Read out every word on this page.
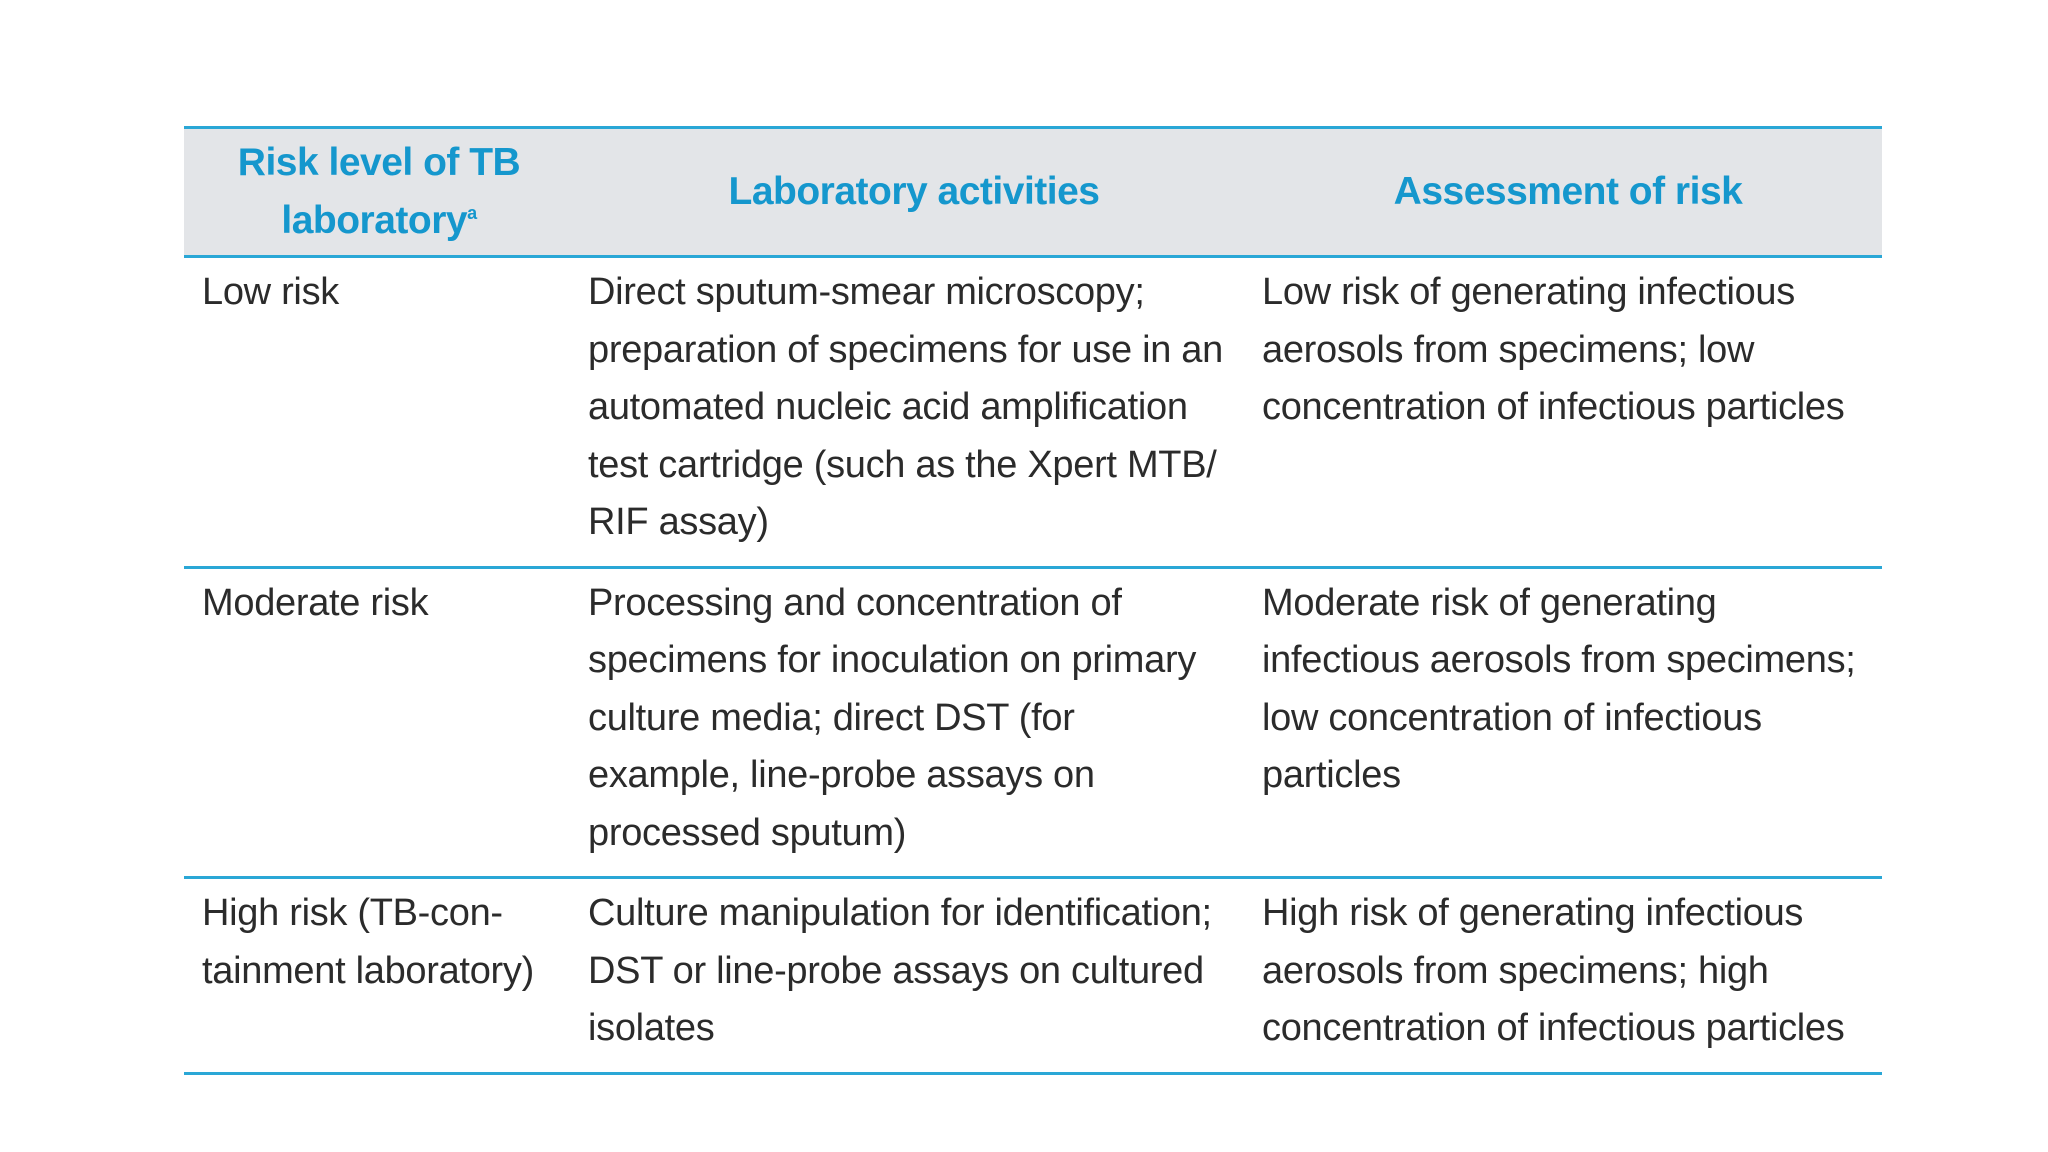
Risk level of TB laboratory$^a$	Laboratory activities	Assessment of risk

Low risk	Direct sputum-smear microscopy; preparation of specimens for use in an automated nucleic acid amplification test cartridge (such as the Xpert MTB/ RIF assay)	Low risk of generating infectious aerosols from specimens; low concentration of infectious particles

Moderate risk	Processing and concentration of specimens for inoculation on primary culture media; direct DST (for example, line-probe assays on processed sputum)	Moderate risk of generating infectious aerosols from specimens; low concentration of infectious particles

High risk (TB-con- tainment laboratory)	Culture manipulation for identification; DST or line-probe assays on cultured isolates	High risk of generating infectious aerosols from specimens; high concentration of infectious particles
